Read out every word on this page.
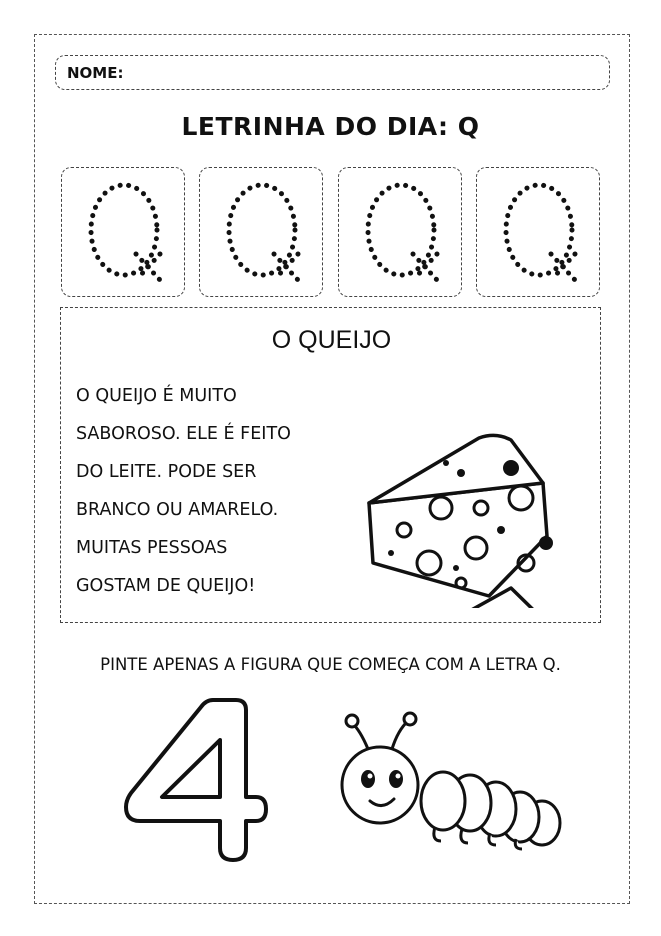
NOME:
LETRINHA DO DIA: Q
O QUEIJO
O QUEIJO É MUITO
SABOROSO. ELE É FEITO
DO LEITE. PODE SER
BRANCO OU AMARELO.
MUITAS PESSOAS
GOSTAM DE QUEIJO!
PINTE APENAS A FIGURA QUE COMEÇA COM A LETRA Q.
